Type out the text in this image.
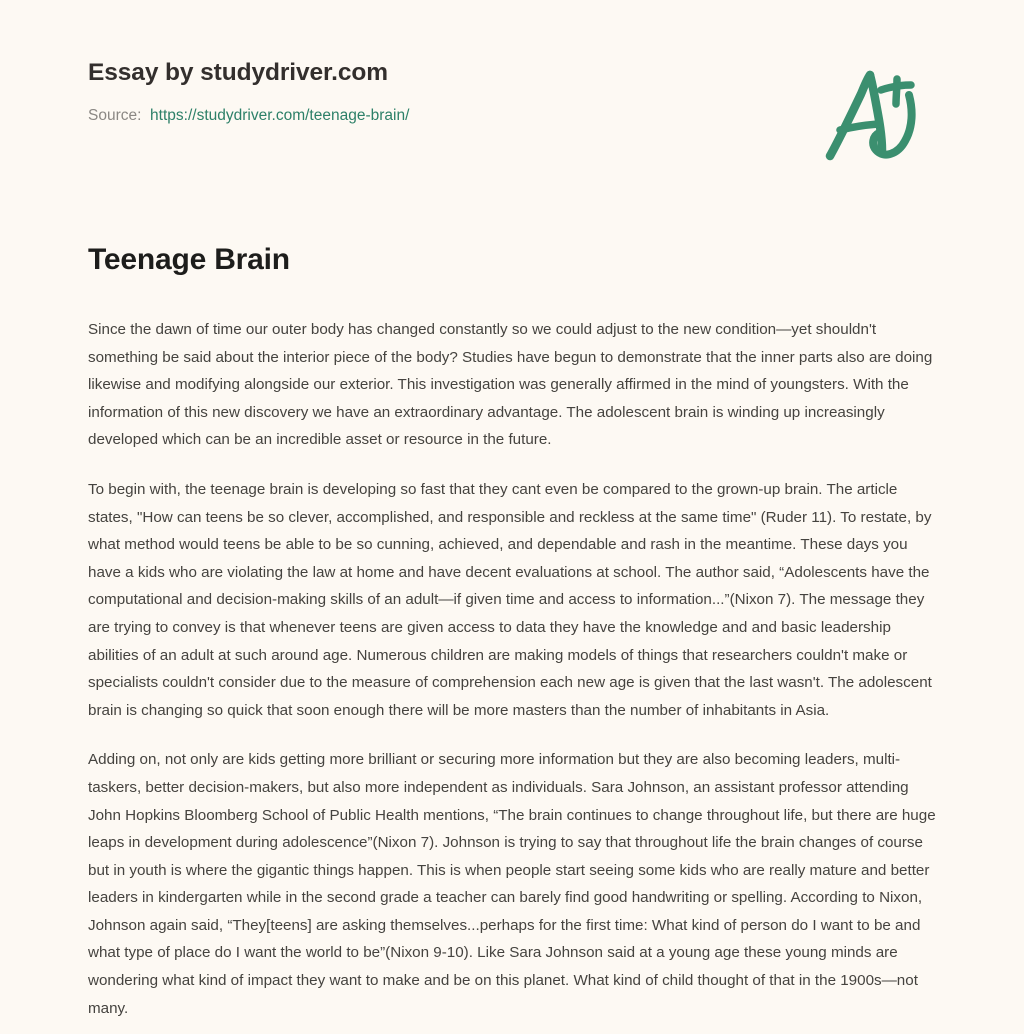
Essay by studydriver.com
Source: https://studydriver.com/teenage-brain/
Teenage Brain

Since the dawn of time our outer body has changed constantly so we could adjust to the new condition—yet shouldn't something be said about the interior piece of the body? Studies have begun to demonstrate that the inner parts also are doing likewise and modifying alongside our exterior. This investigation was generally affirmed in the mind of youngsters. With the information of this new discovery we have an extraordinary advantage. The adolescent brain is winding up increasingly developed which can be an incredible asset or resource in the future.

To begin with, the teenage brain is developing so fast that they cant even be compared to the grown-up brain. The article states, "How can teens be so clever, accomplished, and responsible and reckless at the same time" (Ruder 11). To restate, by what method would teens be able to be so cunning, achieved, and dependable and rash in the meantime. These days you have a kids who are violating the law at home and have decent evaluations at school. The author said, “Adolescents have the computational and decision-making skills of an adult—if given time and access to information...”(Nixon 7). The message they are trying to convey is that whenever teens are given access to data they have the knowledge and and basic leadership abilities of an adult at such around age. Numerous children are making models of things that researchers couldn't make or specialists couldn't consider due to the measure of comprehension each new age is given that the last wasn't. The adolescent brain is changing so quick that soon enough there will be more masters than the number of inhabitants in Asia.

Adding on, not only are kids getting more brilliant or securing more information but they are also becoming leaders, multi-taskers, better decision-makers, but also more independent as individuals. Sara Johnson, an assistant professor attending John Hopkins Bloomberg School of Public Health mentions, “The brain continues to change throughout life, but there are huge leaps in development during adolescence”(Nixon 7). Johnson is trying to say that throughout life the brain changes of course but in youth is where the gigantic things happen. This is when people start seeing some kids who are really mature and better leaders in kindergarten while in the second grade a teacher can barely find good handwriting or spelling. According to Nixon, Johnson again said, “They[teens] are asking themselves...perhaps for the first time: What kind of person do I want to be and what type of place do I want the world to be”(Nixon 9-10). Like Sara Johnson said at a young age these young minds are wondering what kind of impact they want to make and be on this planet. What kind of child thought of that in the 1900s—not many.
